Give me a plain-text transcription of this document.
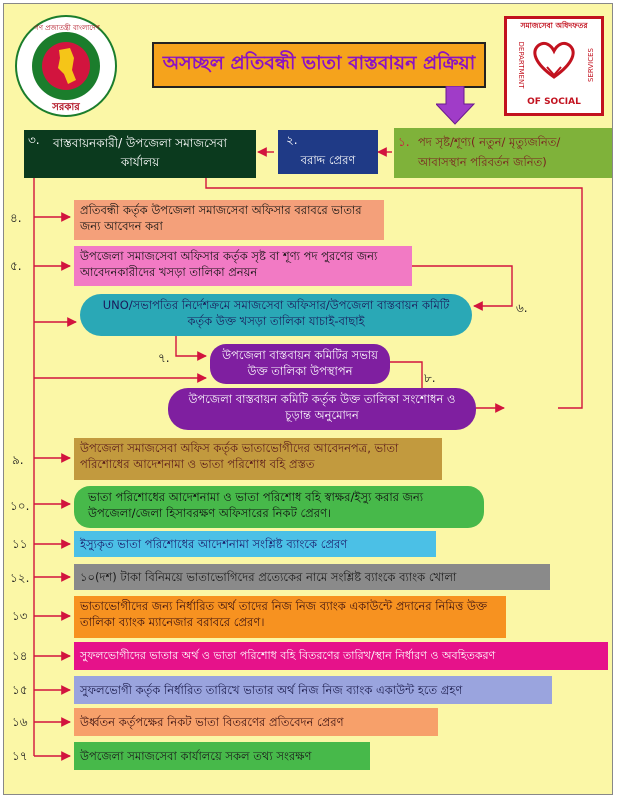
গণ প্রজাতন্ত্রী বাংলাদেশ
সরকার
অসচ্ছল প্রতিবন্ধী ভাতা বাস্তবায়ন প্রক্রিয়া
সমাজসেবা অধিদফতর
DEPARTMENT	SERVICES
OF SOCIAL
বাস্তবায়নকারী/ উপজেলা সমাজসেবা কার্যালয়
৩.
বরাদ্দ প্রেরণ
২.	পদ সৃষ্ট/শূণ্য( নতুন/ মৃত্যুজনিত/ আবাসস্থান পরিবর্তন জনিত)
১.
৪.
প্রতিবন্ধী কর্তৃক উপজেলা সমাজসেবা অফিসার বরাবরে ভাতার জন্য আবেদন করা
৫.
উপজেলা সমাজসেবা অফিসার কর্তৃক সৃষ্ট বা শূণ্য পদ পুরণের জন্য আবেদনকারীদের খসড়া তালিকা প্রনয়ন
UNO/সভাপতির নির্দেশক্রমে সমাজসেবা অফিসার/উপজেলা বাস্তবায়ন কমিটি কর্তৃক উক্ত খসড়া তালিকা যাচাই-বাছাই
৬.
৭.	উপজেলা বাস্তবায়ন কমিটির সভায় উক্ত তালিকা উপস্থাপন	৮.
উপজেলা বাস্তবায়ন কমিটি কর্তৃক উক্ত তালিকা সংশোধন ও চূড়ান্ত অনুমোদন
৯.
উপজেলা সমাজসেবা অফিস কর্তৃক ভাতাভোগীদের আবেদনপত্র, ভাতা পরিশোধের আদেশনামা ও ভাতা পরিশোধ বহি প্রস্তত
১০.
ভাতা পরিশোধের আদেশনামা ও ভাতা পরিশোধ বহি স্বাক্ষর/ইস্যু করার জন্য উপজেলা/জেলা হিসাবরক্ষণ অফিসারের নিকট প্রেরণ।
১১	ইস্যুকৃত ভাতা পরিশোধের আদেশনামা সংশ্লিষ্ট ব্যাংকে প্রেরণ
১২.	১০(দশ) টাকা বিনিময়ে ভাতাভোগিদের প্রত্যেকের নামে সংশ্লিষ্ট ব্যাংকে ব্যাংক খোলা
১৩
ভাতাভোগীদের জন্য নির্ধারিত অর্থ তাদের নিজ নিজ ব্যাংক একাউন্টে প্রদানের নিমিত্ত উক্ত তালিকা ব্যাংক ম্যানেজার বরাবরে প্রেরণ।
১৪	সুফলভোগীদের ভাতার অর্থ ও ভাতা পরিশোধ বহি বিতরণের তারিখ/স্থান নির্ধারণ ও অবহিতকরণ
১৫	সুফলভোগী কর্তৃক নির্ধারিত তারিখে ভাতার অর্থ নিজ নিজ ব্যাংক একাউন্ট হতে গ্রহণ
১৬	উর্ধ্বতন কর্তৃপক্ষের নিকট ভাতা বিতরণের প্রতিবেদন প্রেরণ
১৭	উপজেলা সমাজসেবা কার্যালয়ে সকল তথ্য সংরক্ষণ
